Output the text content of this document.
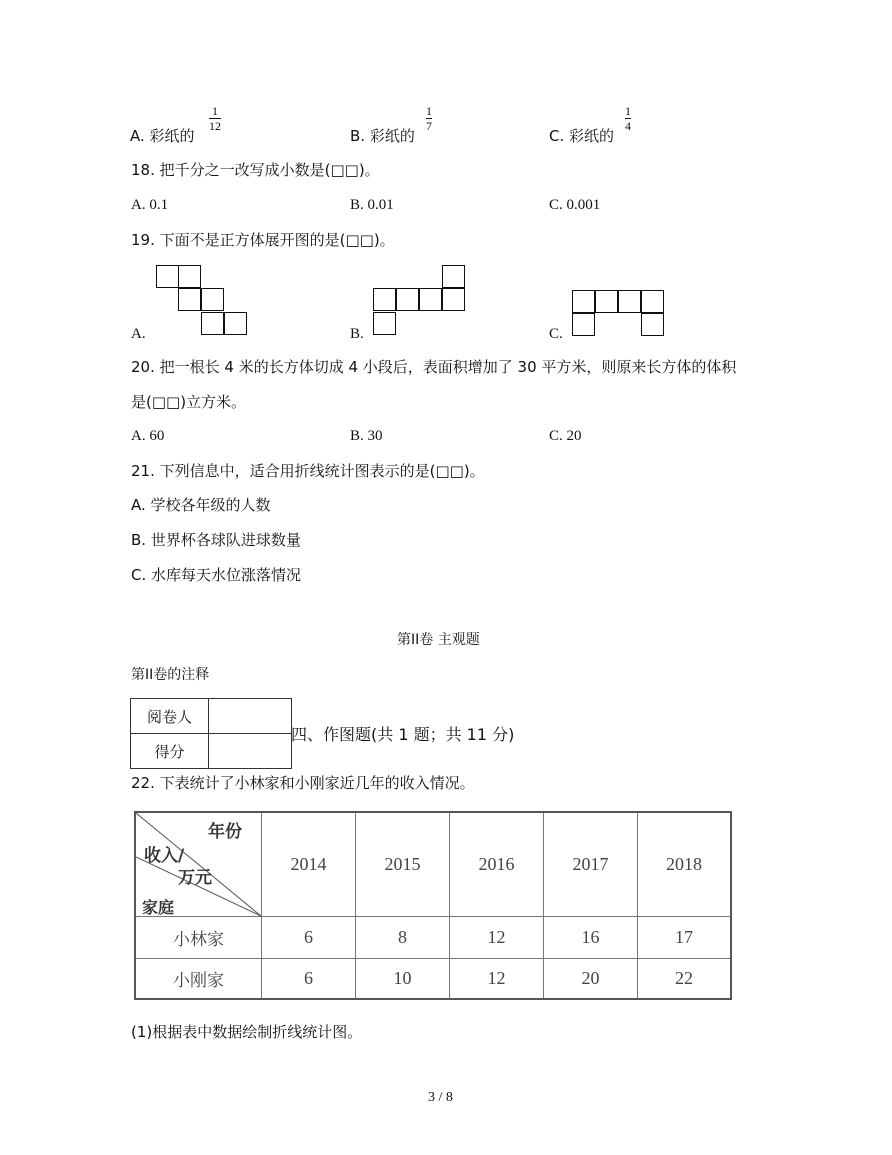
A. 彩纸的
1
12
B. 彩纸的
1
7
C. 彩纸的
1
4
18. 把千分之一改写成小数是(□□)。
A. 0.1	B. 0.01	C. 0.001
19. 下面不是正方体展开图的是(□□)。
A.	B.	C.
20. 把一根长 4 米的长方体切成 4 小段后，表面积增加了 30 平方米，则原来长方体的体积
是(□□)立方米。
A. 60	B. 30	C. 20
21. 下列信息中，适合用折线统计图表示的是(□□)。
A. 学校各年级的人数
B. 世界杯各球队进球数量
C. 水库每天水位涨落情况
第II卷 主观题
第II卷的注释
阅卷人	
得分	
四、作图题(共 1 题；共 11 分)
22. 下表统计了小林家和小刚家近几年的收入情况。
年份
收入/
万元
家庭
2014	2015	2016	2017	2018
小林家	6	8	12	16	17
小刚家	6	10	12	20	22
(1)根据表中数据绘制折线统计图。
3 / 8
